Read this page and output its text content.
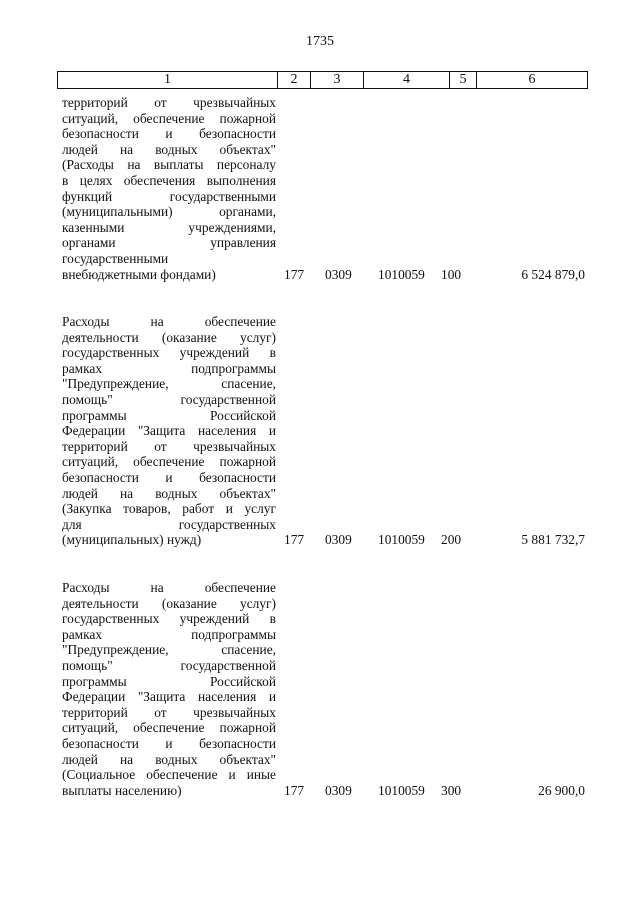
1735
1	2	3	4	5	6
территорий от чрезвычайных
ситуаций, обеспечение пожарной
безопасности и безопасности
людей на водных объектах"
(Расходы на выплаты персоналу
в целях обеспечения выполнения
функций государственными
(муниципальными) органами,
казенными учреждениями,
органами управления
государственными
внебюджетными фондами)	177 0309 1010059 100	6 524 879,0
Расходы на обеспечение
деятельности (оказание услуг)
государственных учреждений в
рамках подпрограммы
"Предупреждение, спасение,
помощь" государственной
программы Российской
Федерации "Защита населения и
территорий от чрезвычайных
ситуаций, обеспечение пожарной
безопасности и безопасности
людей на водных объектах"
(Закупка товаров, работ и услуг
для государственных
(муниципальных) нужд)	177 0309 1010059 200	5 881 732,7
Расходы на обеспечение
деятельности (оказание услуг)
государственных учреждений в
рамках подпрограммы
"Предупреждение, спасение,
помощь" государственной
программы Российской
Федерации "Защита населения и
территорий от чрезвычайных
ситуаций, обеспечение пожарной
безопасности и безопасности
людей на водных объектах"
(Социальное обеспечение и иные
выплаты населению)	177 0309 1010059 300	26 900,0
